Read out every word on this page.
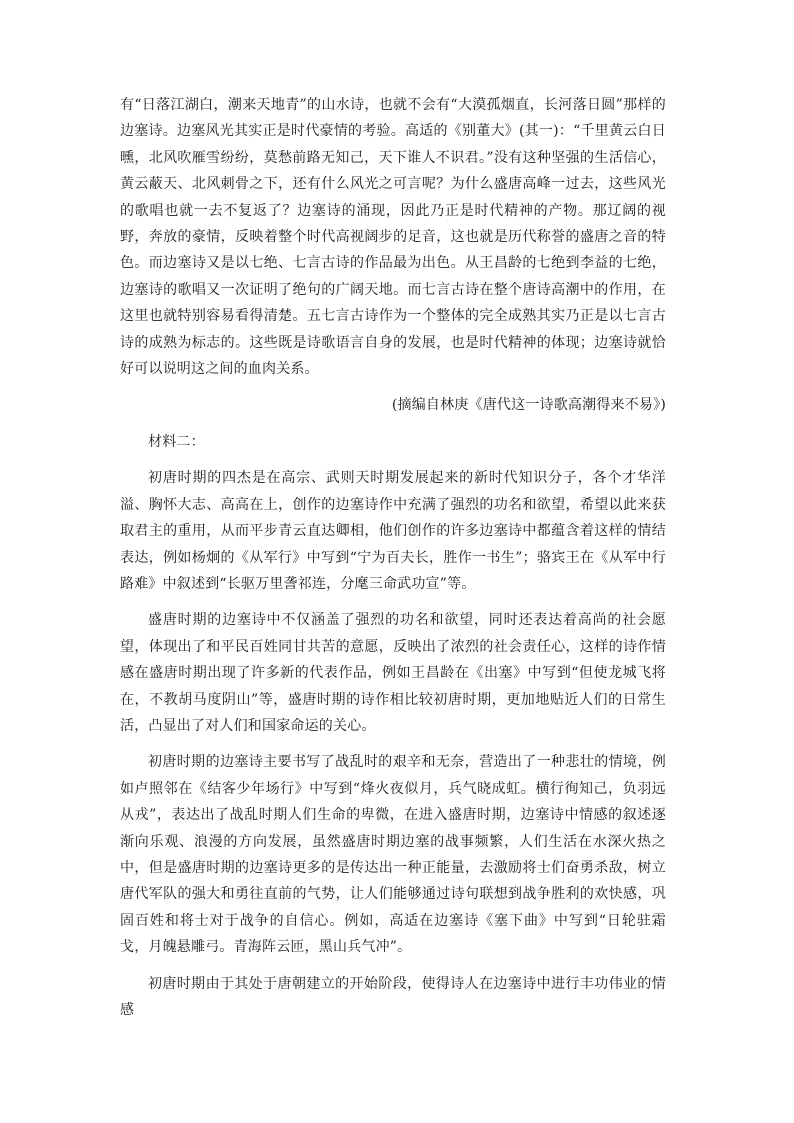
有“日落江湖白，潮来天地青”的山水诗，也就不会有“大漠孤烟直，长河落日圆”那样的边塞诗。边塞风光其实正是时代豪情的考验。高适的《别董大》(其一)：“千里黄云白日曛，北风吹雁雪纷纷，莫愁前路无知己，天下谁人不识君。”没有这种坚强的生活信心，黄云蔽天、北风刺骨之下，还有什么风光之可言呢？为什么盛唐高峰一过去，这些风光的歌唱也就一去不复返了？边塞诗的涌现，因此乃正是时代精神的产物。那辽阔的视野，奔放的豪情，反映着整个时代高视阔步的足音，这也就是历代称誉的盛唐之音的特色。而边塞诗又是以七绝、七言古诗的作品最为出色。从王昌龄的七绝到李益的七绝，边塞诗的歌唱又一次证明了绝句的广阔天地。而七言古诗在整个唐诗高潮中的作用，在这里也就特别容易看得清楚。五七言古诗作为一个整体的完全成熟其实乃正是以七言古诗的成熟为标志的。这些既是诗歌语言自身的发展，也是时代精神的体现；边塞诗就恰好可以说明这之间的血肉关系。

(摘编自林庚《唐代这一诗歌高潮得来不易》)

材料二：

初唐时期的四杰是在高宗、武则天时期发展起来的新时代知识分子，各个才华洋溢、胸怀大志、高高在上，创作的边塞诗作中充满了强烈的功名和欲望，希望以此来获取君主的重用，从而平步青云直达卿相，他们创作的许多边塞诗中都蕴含着这样的情结表达，例如杨炯的《从军行》中写到“宁为百夫长，胜作一书生”；骆宾王在《从军中行路难》中叙述到“长驱万里詟祁连，分麾三命武功宣”等。

盛唐时期的边塞诗中不仅涵盖了强烈的功名和欲望，同时还表达着高尚的社会愿望，体现出了和平民百姓同甘共苦的意愿，反映出了浓烈的社会责任心，这样的诗作情感在盛唐时期出现了许多新的代表作品，例如王昌龄在《出塞》中写到“但使龙城飞将在，不教胡马度阴山”等，盛唐时期的诗作相比较初唐时期，更加地贴近人们的日常生活，凸显出了对人们和国家命运的关心。

初唐时期的边塞诗主要书写了战乱时的艰辛和无奈，营造出了一种悲壮的情境，例如卢照邻在《结客少年场行》中写到“烽火夜似月，兵气晓成虹。横行徇知己，负羽远从戎”，表达出了战乱时期人们生命的卑微，在进入盛唐时期，边塞诗中情感的叙述逐渐向乐观、浪漫的方向发展，虽然盛唐时期边塞的战事频繁，人们生活在水深火热之中，但是盛唐时期的边塞诗更多的是传达出一种正能量，去激励将士们奋勇杀敌，树立唐代军队的强大和勇往直前的气势，让人们能够通过诗句联想到战争胜利的欢快感，巩固百姓和将士对于战争的自信心。例如，高适在边塞诗《塞下曲》中写到“日轮驻霜戈，月魄悬雕弓。青海阵云匝，黑山兵气冲”。

初唐时期由于其处于唐朝建立的开始阶段，使得诗人在边塞诗中进行丰功伟业的情感
